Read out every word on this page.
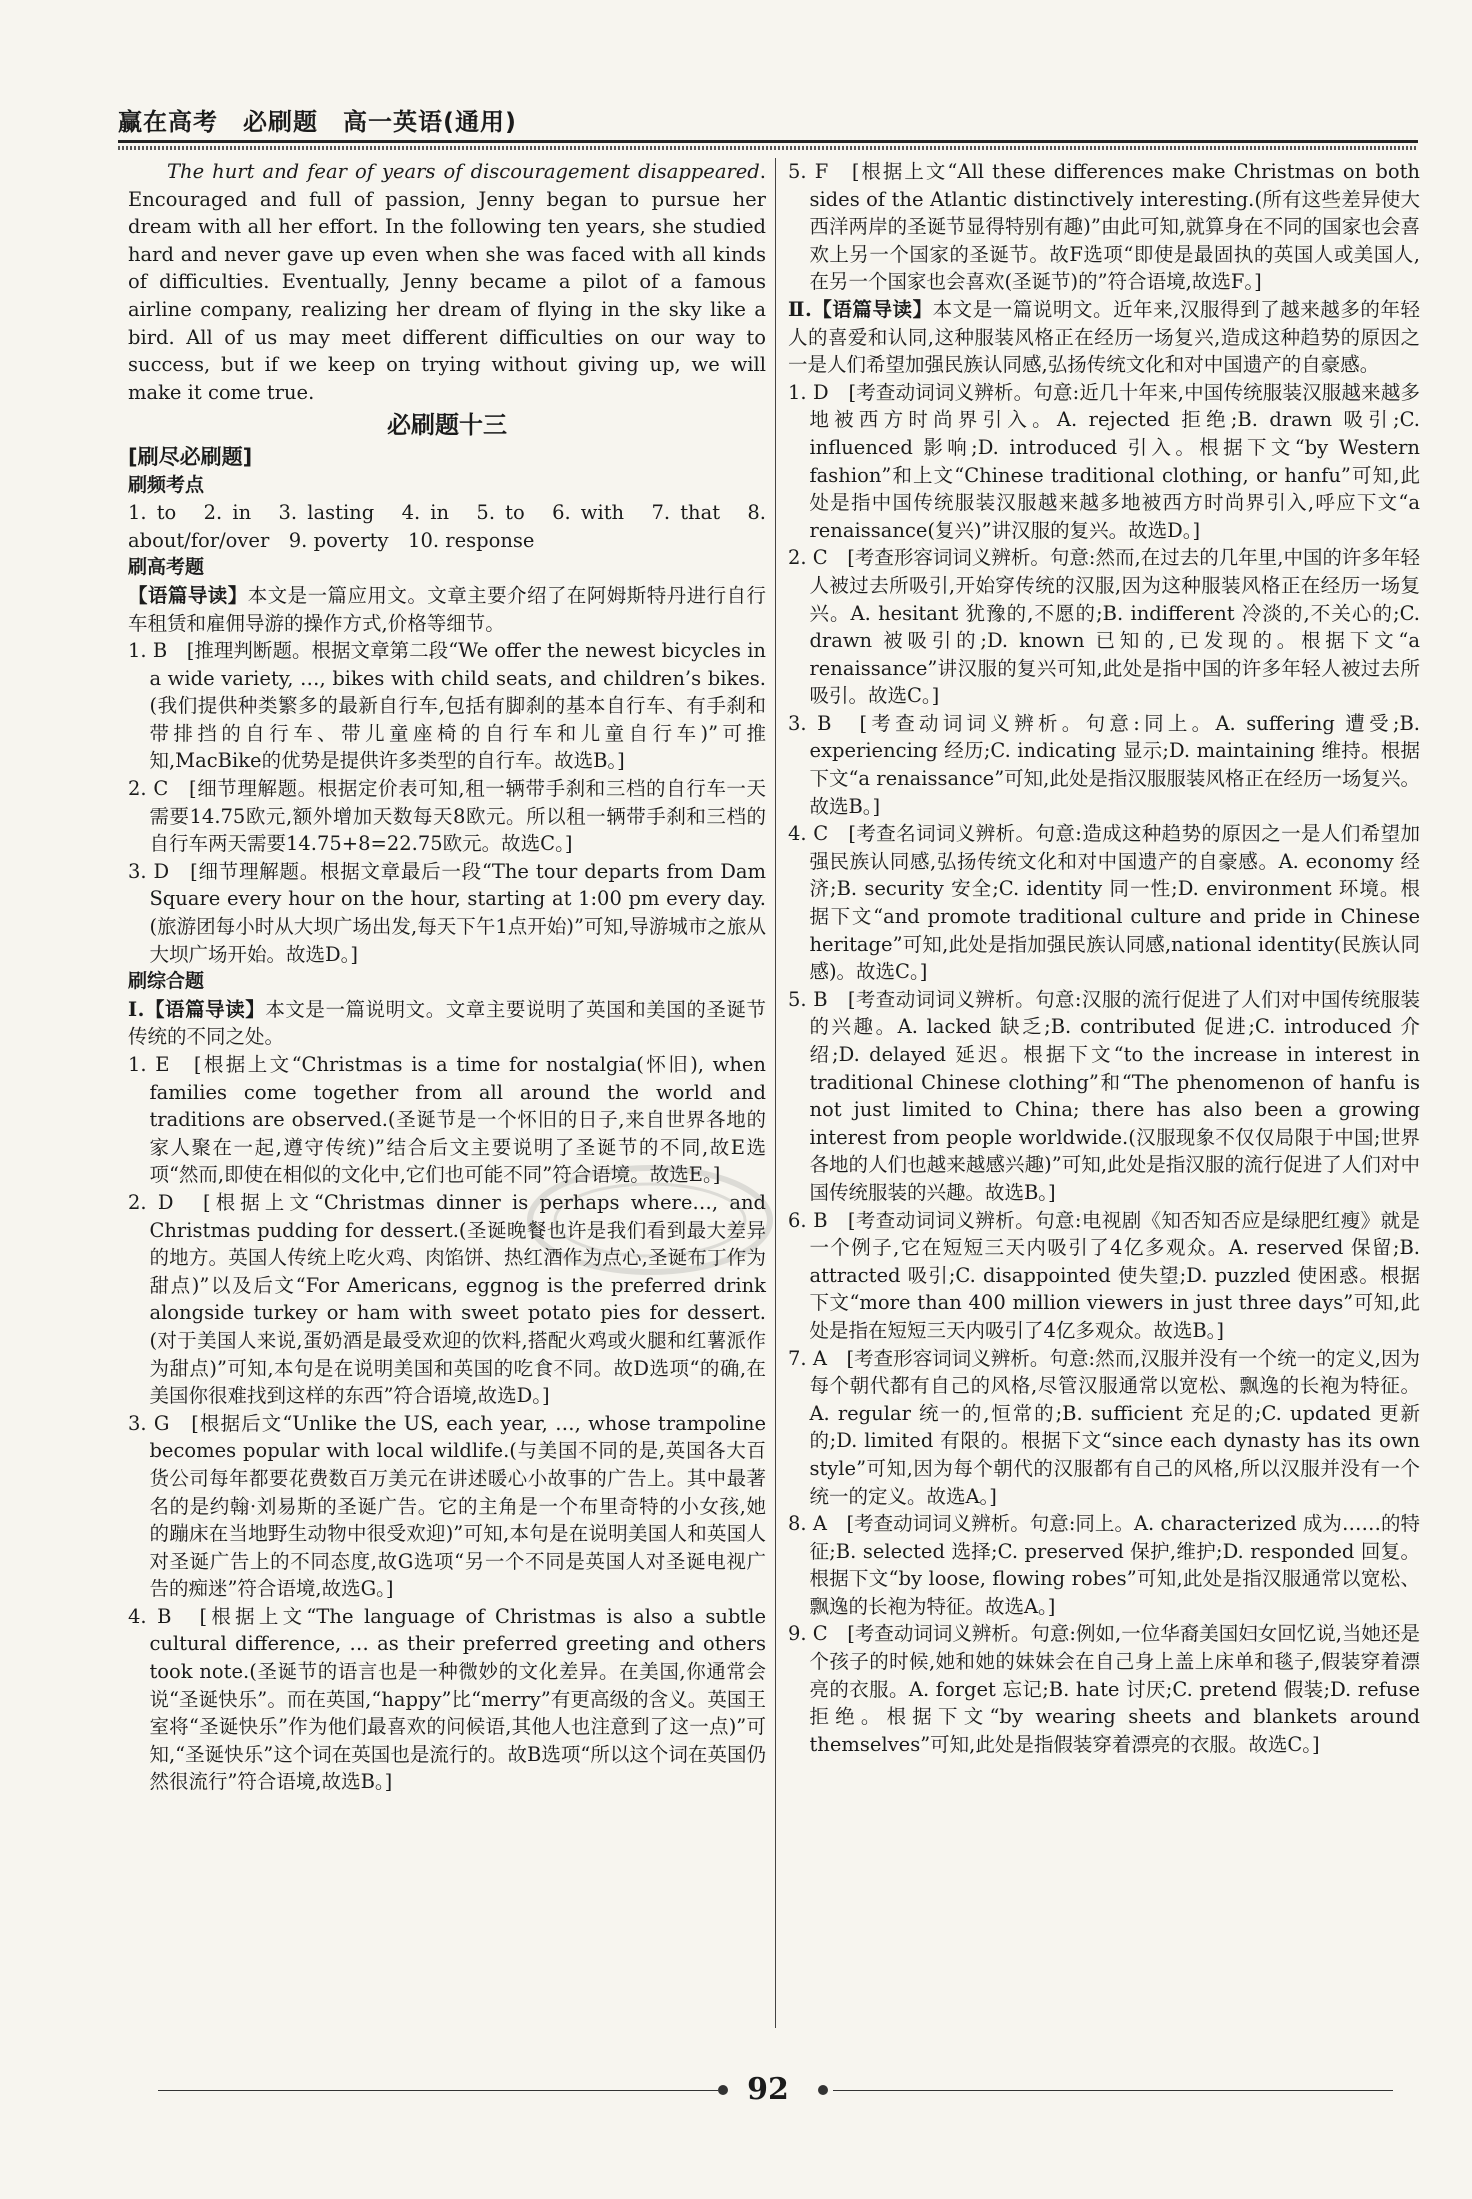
赢在高考　必刷题　高一英语(通用)

The hurt and fear of years of discouragement disappeared. Encouraged and full of passion, Jenny began to pursue her dream with all her effort. In the following ten years, she studied hard and never gave up even when she was faced with all kinds of difficulties. Eventually, Jenny became a pilot of a famous airline company, realizing her dream of flying in the sky like a bird. All of us may meet different difficulties on our way to success, but if we keep on trying without giving up, we will make it come true.

必刷题十三
[刷尽必刷题]
刷频考点

1. to　2. in　3. lasting　4. in　5. to　6. with　7. that　8. about/for/over　9. poverty　10. response

刷高考题

【语篇导读】本文是一篇应用文。文章主要介绍了在阿姆斯特丹进行自行车租赁和雇佣导游的操作方式,价格等细节。

1. B　[推理判断题。根据文章第二段“We offer the newest bicycles in a wide variety, …, bikes with child seats, and children’s bikes.(我们提供种类繁多的最新自行车,包括有脚刹的基本自行车、有手刹和带排挡的自行车、带儿童座椅的自行车和儿童自行车)”可推知,MacBike的优势是提供许多类型的自行车。故选B。]

2. C　[细节理解题。根据定价表可知,租一辆带手刹和三档的自行车一天需要14.75欧元,额外增加天数每天8欧元。所以租一辆带手刹和三档的自行车两天需要14.75+8=22.75欧元。故选C。]

3. D　[细节理解题。根据文章最后一段“The tour departs from Dam Square every hour on the hour, starting at 1:00 pm every day.(旅游团每小时从大坝广场出发,每天下午1点开始)”可知,导游城市之旅从大坝广场开始。故选D。]

刷综合题

Ⅰ.【语篇导读】本文是一篇说明文。文章主要说明了英国和美国的圣诞节传统的不同之处。

1. E　[根据上文“Christmas is a time for nostalgia(怀旧), when families come together from all around the world and traditions are observed.(圣诞节是一个怀旧的日子,来自世界各地的家人聚在一起,遵守传统)”结合后文主要说明了圣诞节的不同,故E选项“然而,即使在相似的文化中,它们也可能不同”符合语境。故选E。]

2. D　[根据上文“Christmas dinner is perhaps where…, and Christmas pudding for dessert.(圣诞晚餐也许是我们看到最大差异的地方。英国人传统上吃火鸡、肉馅饼、热红酒作为点心,圣诞布丁作为甜点)”以及后文“For Americans, eggnog is the preferred drink alongside turkey or ham with sweet potato pies for dessert.(对于美国人来说,蛋奶酒是最受欢迎的饮料,搭配火鸡或火腿和红薯派作为甜点)”可知,本句是在说明美国和英国的吃食不同。故D选项“的确,在美国你很难找到这样的东西”符合语境,故选D。]

3. G　[根据后文“Unlike the US, each year, …, whose trampoline becomes popular with local wildlife.(与美国不同的是,英国各大百货公司每年都要花费数百万美元在讲述暖心小故事的广告上。其中最著名的是约翰·刘易斯的圣诞广告。它的主角是一个布里奇特的小女孩,她的蹦床在当地野生动物中很受欢迎)”可知,本句是在说明美国人和英国人对圣诞广告上的不同态度,故G选项“另一个不同是英国人对圣诞电视广告的痴迷”符合语境,故选G。]

4. B　[根据上文“The language of Christmas is also a subtle cultural difference, … as their preferred greeting and others took note.(圣诞节的语言也是一种微妙的文化差异。在美国,你通常会说“圣诞快乐”。而在英国,“happy”比“merry”有更高级的含义。英国王室将“圣诞快乐”作为他们最喜欢的问候语,其他人也注意到了这一点)”可知,“圣诞快乐”这个词在英国也是流行的。故B选项“所以这个词在英国仍然很流行”符合语境,故选B。]

5. F　[根据上文“All these differences make Christmas on both sides of the Atlantic distinctively interesting.(所有这些差异使大西洋两岸的圣诞节显得特别有趣)”由此可知,就算身在不同的国家也会喜欢上另一个国家的圣诞节。故F选项“即使是最固执的英国人或美国人,在另一个国家也会喜欢(圣诞节)的”符合语境,故选F。]

Ⅱ.【语篇导读】本文是一篇说明文。近年来,汉服得到了越来越多的年轻人的喜爱和认同,这种服装风格正在经历一场复兴,造成这种趋势的原因之一是人们希望加强民族认同感,弘扬传统文化和对中国遗产的自豪感。

1. D　[考查动词词义辨析。句意:近几十年来,中国传统服装汉服越来越多地被西方时尚界引入。A. rejected 拒绝;B. drawn 吸引;C. influenced 影响;D. introduced 引入。根据下文“by Western fashion”和上文“Chinese traditional clothing, or hanfu”可知,此处是指中国传统服装汉服越来越多地被西方时尚界引入,呼应下文“a renaissance(复兴)”讲汉服的复兴。故选D。]

2. C　[考查形容词词义辨析。句意:然而,在过去的几年里,中国的许多年轻人被过去所吸引,开始穿传统的汉服,因为这种服装风格正在经历一场复兴。A. hesitant 犹豫的,不愿的;B. indifferent 冷淡的,不关心的;C. drawn 被吸引的;D. known 已知的,已发现的。根据下文“a renaissance”讲汉服的复兴可知,此处是指中国的许多年轻人被过去所吸引。故选C。]

3. B　[考查动词词义辨析。句意:同上。A. suffering 遭受;B. experiencing 经历;C. indicating 显示;D. maintaining 维持。根据下文“a renaissance”可知,此处是指汉服服装风格正在经历一场复兴。故选B。]

4. C　[考查名词词义辨析。句意:造成这种趋势的原因之一是人们希望加强民族认同感,弘扬传统文化和对中国遗产的自豪感。A. economy 经济;B. security 安全;C. identity 同一性;D. environment 环境。根据下文“and promote traditional culture and pride in Chinese heritage”可知,此处是指加强民族认同感,national identity(民族认同感)。故选C。]

5. B　[考查动词词义辨析。句意:汉服的流行促进了人们对中国传统服装的兴趣。A. lacked 缺乏;B. contributed 促进;C. introduced 介绍;D. delayed 延迟。根据下文“to the increase in interest in traditional Chinese clothing”和“The phenomenon of hanfu is not just limited to China; there has also been a growing interest from people worldwide.(汉服现象不仅仅局限于中国;世界各地的人们也越来越感兴趣)”可知,此处是指汉服的流行促进了人们对中国传统服装的兴趣。故选B。]

6. B　[考查动词词义辨析。句意:电视剧《知否知否应是绿肥红瘦》就是一个例子,它在短短三天内吸引了4亿多观众。A. reserved 保留;B. attracted 吸引;C. disappointed 使失望;D. puzzled 使困惑。根据下文“more than 400 million viewers in just three days”可知,此处是指在短短三天内吸引了4亿多观众。故选B。]

7. A　[考查形容词词义辨析。句意:然而,汉服并没有一个统一的定义,因为每个朝代都有自己的风格,尽管汉服通常以宽松、飘逸的长袍为特征。A. regular 统一的,恒常的;B. sufficient 充足的;C. updated 更新的;D. limited 有限的。根据下文“since each dynasty has its own style”可知,因为每个朝代的汉服都有自己的风格,所以汉服并没有一个统一的定义。故选A。]

8. A　[考查动词词义辨析。句意:同上。A. characterized 成为……的特征;B. selected 选择;C. preserved 保护,维护;D. responded 回复。根据下文“by loose, flowing robes”可知,此处是指汉服通常以宽松、飘逸的长袍为特征。故选A。]

9. C　[考查动词词义辨析。句意:例如,一位华裔美国妇女回忆说,当她还是个孩子的时候,她和她的妹妹会在自己身上盖上床单和毯子,假装穿着漂亮的衣服。A. forget 忘记;B. hate 讨厌;C. pretend 假装;D. refuse 拒绝。根据下文“by wearing sheets and blankets around themselves”可知,此处是指假装穿着漂亮的衣服。故选C。]

92
